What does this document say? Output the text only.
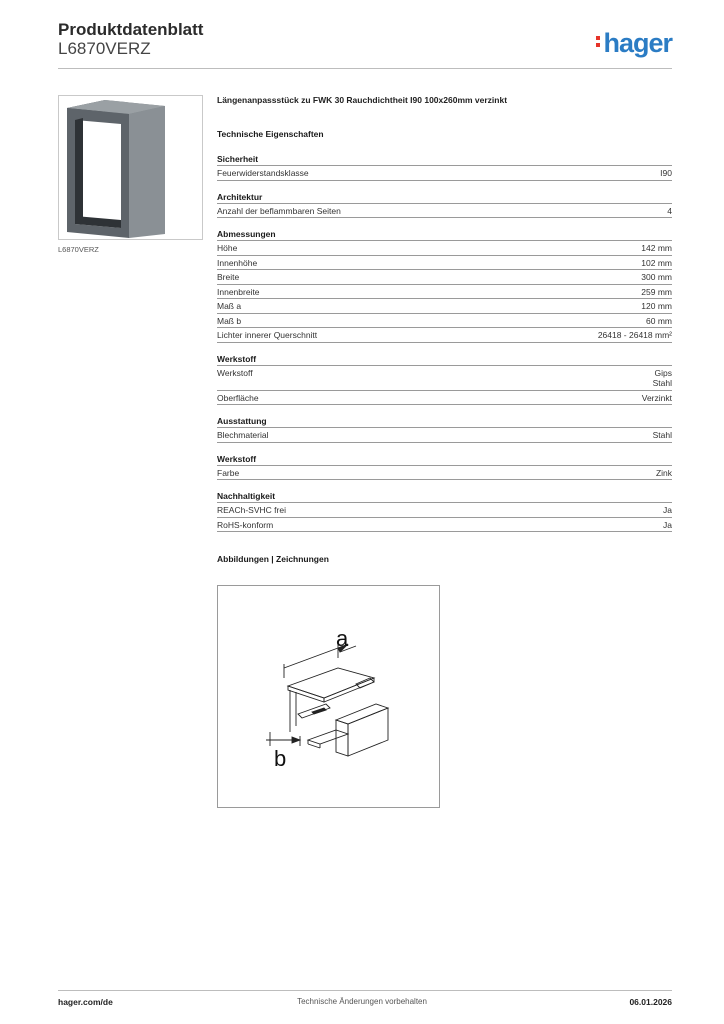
Produktdatenblatt
L6870VERZ	hager
L6870VERZ
Längenanpassstück zu FWK 30 Rauchdichtheit I90 100x260mm verzinkt
Technische Eigenschaften
Sicherheit
Feuerwiderstandsklasse	I90
Architektur
Anzahl der beflammbaren Seiten	4
Abmessungen
Höhe	142 mm
Innenhöhe	102 mm
Breite	300 mm
Innenbreite	259 mm
Maß a	120 mm
Maß b	60 mm
Lichter innerer Querschnitt	26418 - 26418 mm²
Werkstoff
Werkstoff	Gips
Stahl
Oberfläche	Verzinkt
Ausstattung
Blechmaterial	Stahl
Werkstoff
Farbe	Zink
Nachhaltigkeit
REACh-SVHC frei	Ja
RoHS-konform	Ja
Abbildungen | Zeichnungen
a
b
hager.com/de	Technische Änderungen vorbehalten	06.01.2026
